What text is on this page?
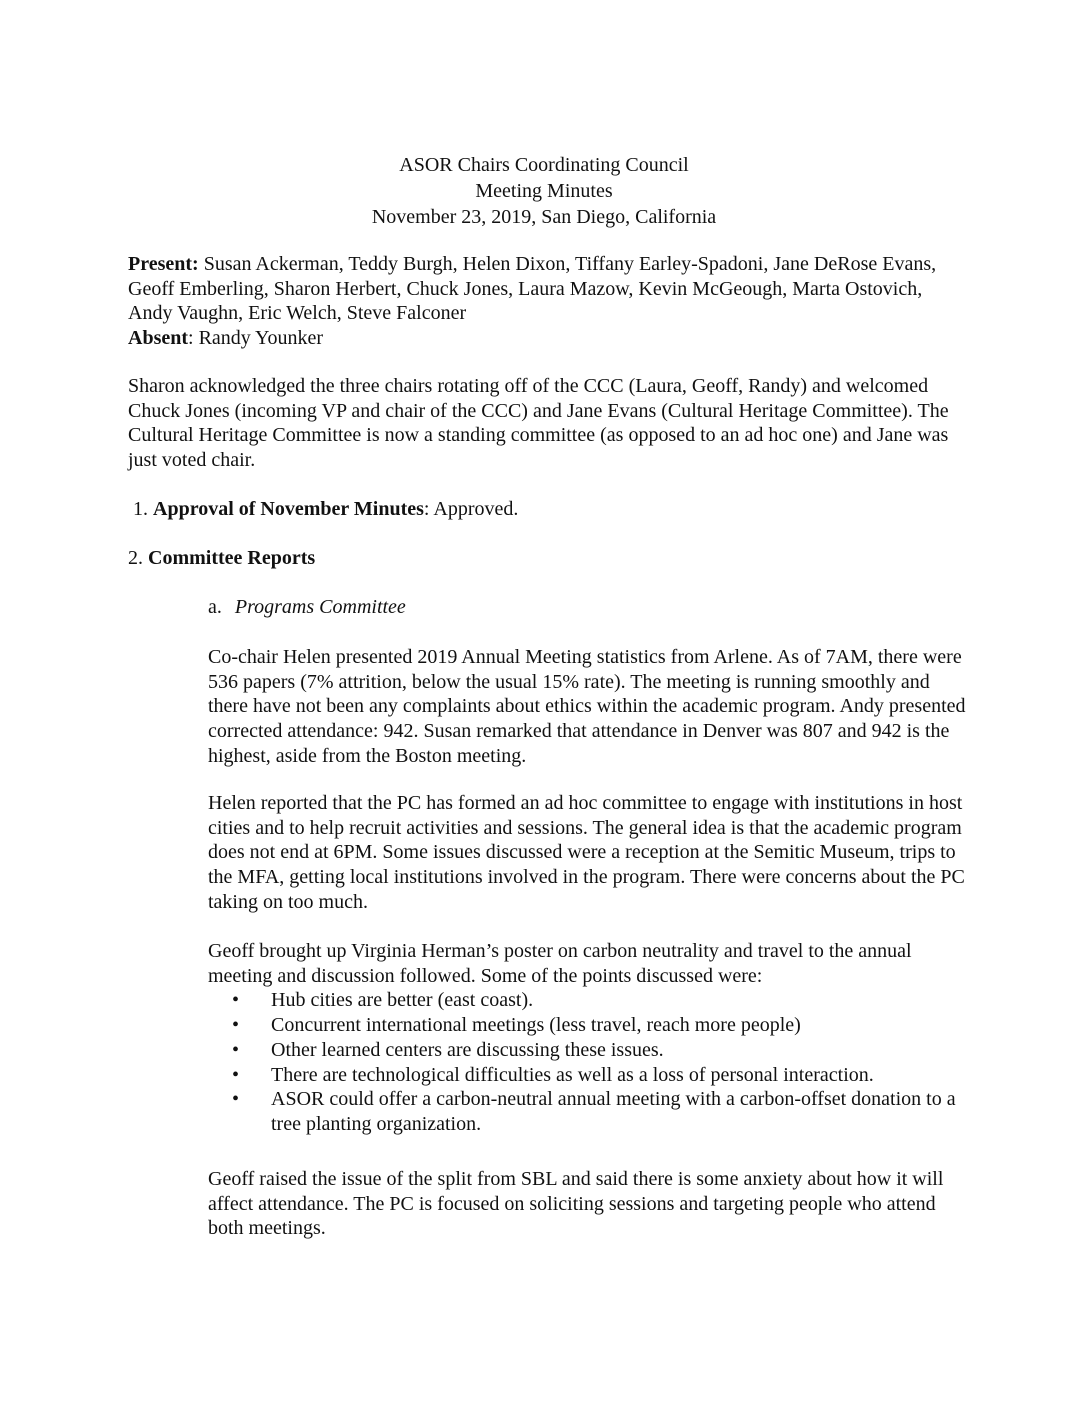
ASOR Chairs Coordinating Council
Meeting Minutes
November 23, 2019, San Diego, California
Present: Susan Ackerman, Teddy Burgh, Helen Dixon, Tiffany Earley-Spadoni, Jane DeRose Evans, Geoff Emberling, Sharon Herbert, Chuck Jones, Laura Mazow, Kevin McGeough, Marta Ostovich, Andy Vaughn, Eric Welch, Steve Falconer
Absent: Randy Younker
Sharon acknowledged the three chairs rotating off of the CCC (Laura, Geoff, Randy) and welcomed Chuck Jones (incoming VP and chair of the CCC) and Jane Evans (Cultural Heritage Committee). The Cultural Heritage Committee is now a standing committee (as opposed to an ad hoc one) and Jane was just voted chair.
1. Approval of November Minutes: Approved.
2. Committee Reports
a. Programs Committee
Co-chair Helen presented 2019 Annual Meeting statistics from Arlene. As of 7AM, there were 536 papers (7% attrition, below the usual 15% rate). The meeting is running smoothly and there have not been any complaints about ethics within the academic program. Andy presented corrected attendance: 942. Susan remarked that attendance in Denver was 807 and 942 is the highest, aside from the Boston meeting.
Helen reported that the PC has formed an ad hoc committee to engage with institutions in host cities and to help recruit activities and sessions. The general idea is that the academic program does not end at 6PM. Some issues discussed were a reception at the Semitic Museum, trips to the MFA, getting local institutions involved in the program. There were concerns about the PC taking on too much.
Geoff brought up Virginia Herman’s poster on carbon neutrality and travel to the annual meeting and discussion followed. Some of the points discussed were:
• Hub cities are better (east coast).
• Concurrent international meetings (less travel, reach more people)
• Other learned centers are discussing these issues.
• There are technological difficulties as well as a loss of personal interaction.
• ASOR could offer a carbon-neutral annual meeting with a carbon-offset donation to a tree planting organization.
Geoff raised the issue of the split from SBL and said there is some anxiety about how it will affect attendance. The PC is focused on soliciting sessions and targeting people who attend both meetings.
